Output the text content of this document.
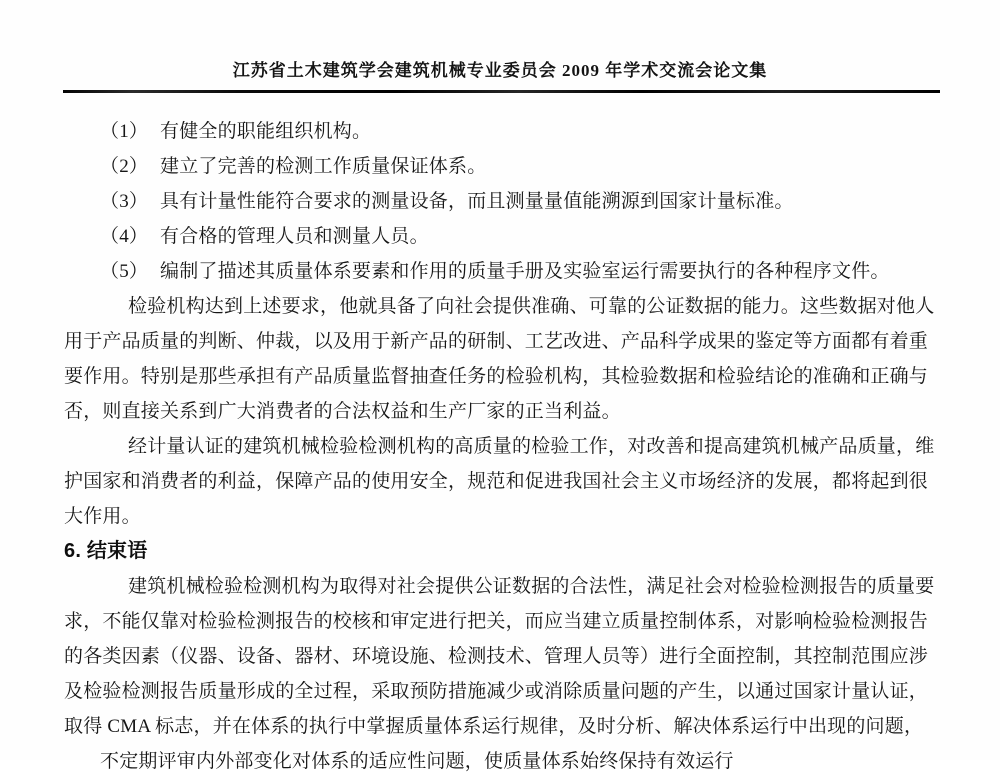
江苏省土木建筑学会建筑机械专业委员会 2009 年学术交流会论文集
（1） 有健全的职能组织机构。
（2） 建立了完善的检测工作质量保证体系。
（3） 具有计量性能符合要求的测量设备，而且测量量值能溯源到国家计量标准。
（4） 有合格的管理人员和测量人员。
（5） 编制了描述其质量体系要素和作用的质量手册及实验室运行需要执行的各种程序文件。
检验机构达到上述要求，他就具备了向社会提供准确、可靠的公证数据的能力。这些数据对他人
用于产品质量的判断、仲裁，以及用于新产品的研制、工艺改进、产品科学成果的鉴定等方面都有着重
要作用。特别是那些承担有产品质量监督抽查任务的检验机构，其检验数据和检验结论的准确和正确与
否，则直接关系到广大消费者的合法权益和生产厂家的正当利益。
经计量认证的建筑机械检验检测机构的高质量的检验工作，对改善和提高建筑机械产品质量，维
护国家和消费者的利益，保障产品的使用安全，规范和促进我国社会主义市场经济的发展，都将起到很
大作用。
6. 结束语
建筑机械检验检测机构为取得对社会提供公证数据的合法性，满足社会对检验检测报告的质量要
求，不能仅靠对检验检测报告的校核和审定进行把关，而应当建立质量控制体系，对影响检验检测报告
的各类因素（仪器、设备、器材、环境设施、检测技术、管理人员等）进行全面控制，其控制范围应涉
及检验检测报告质量形成的全过程，采取预防措施减少或消除质量问题的产生，以通过国家计量认证，
取得 CMA 标志，并在体系的执行中掌握质量体系运行规律，及时分析、解决体系运行中出现的问题，
不定期评审内外部变化对体系的适应性问题，使质量体系始终保持有效运行
